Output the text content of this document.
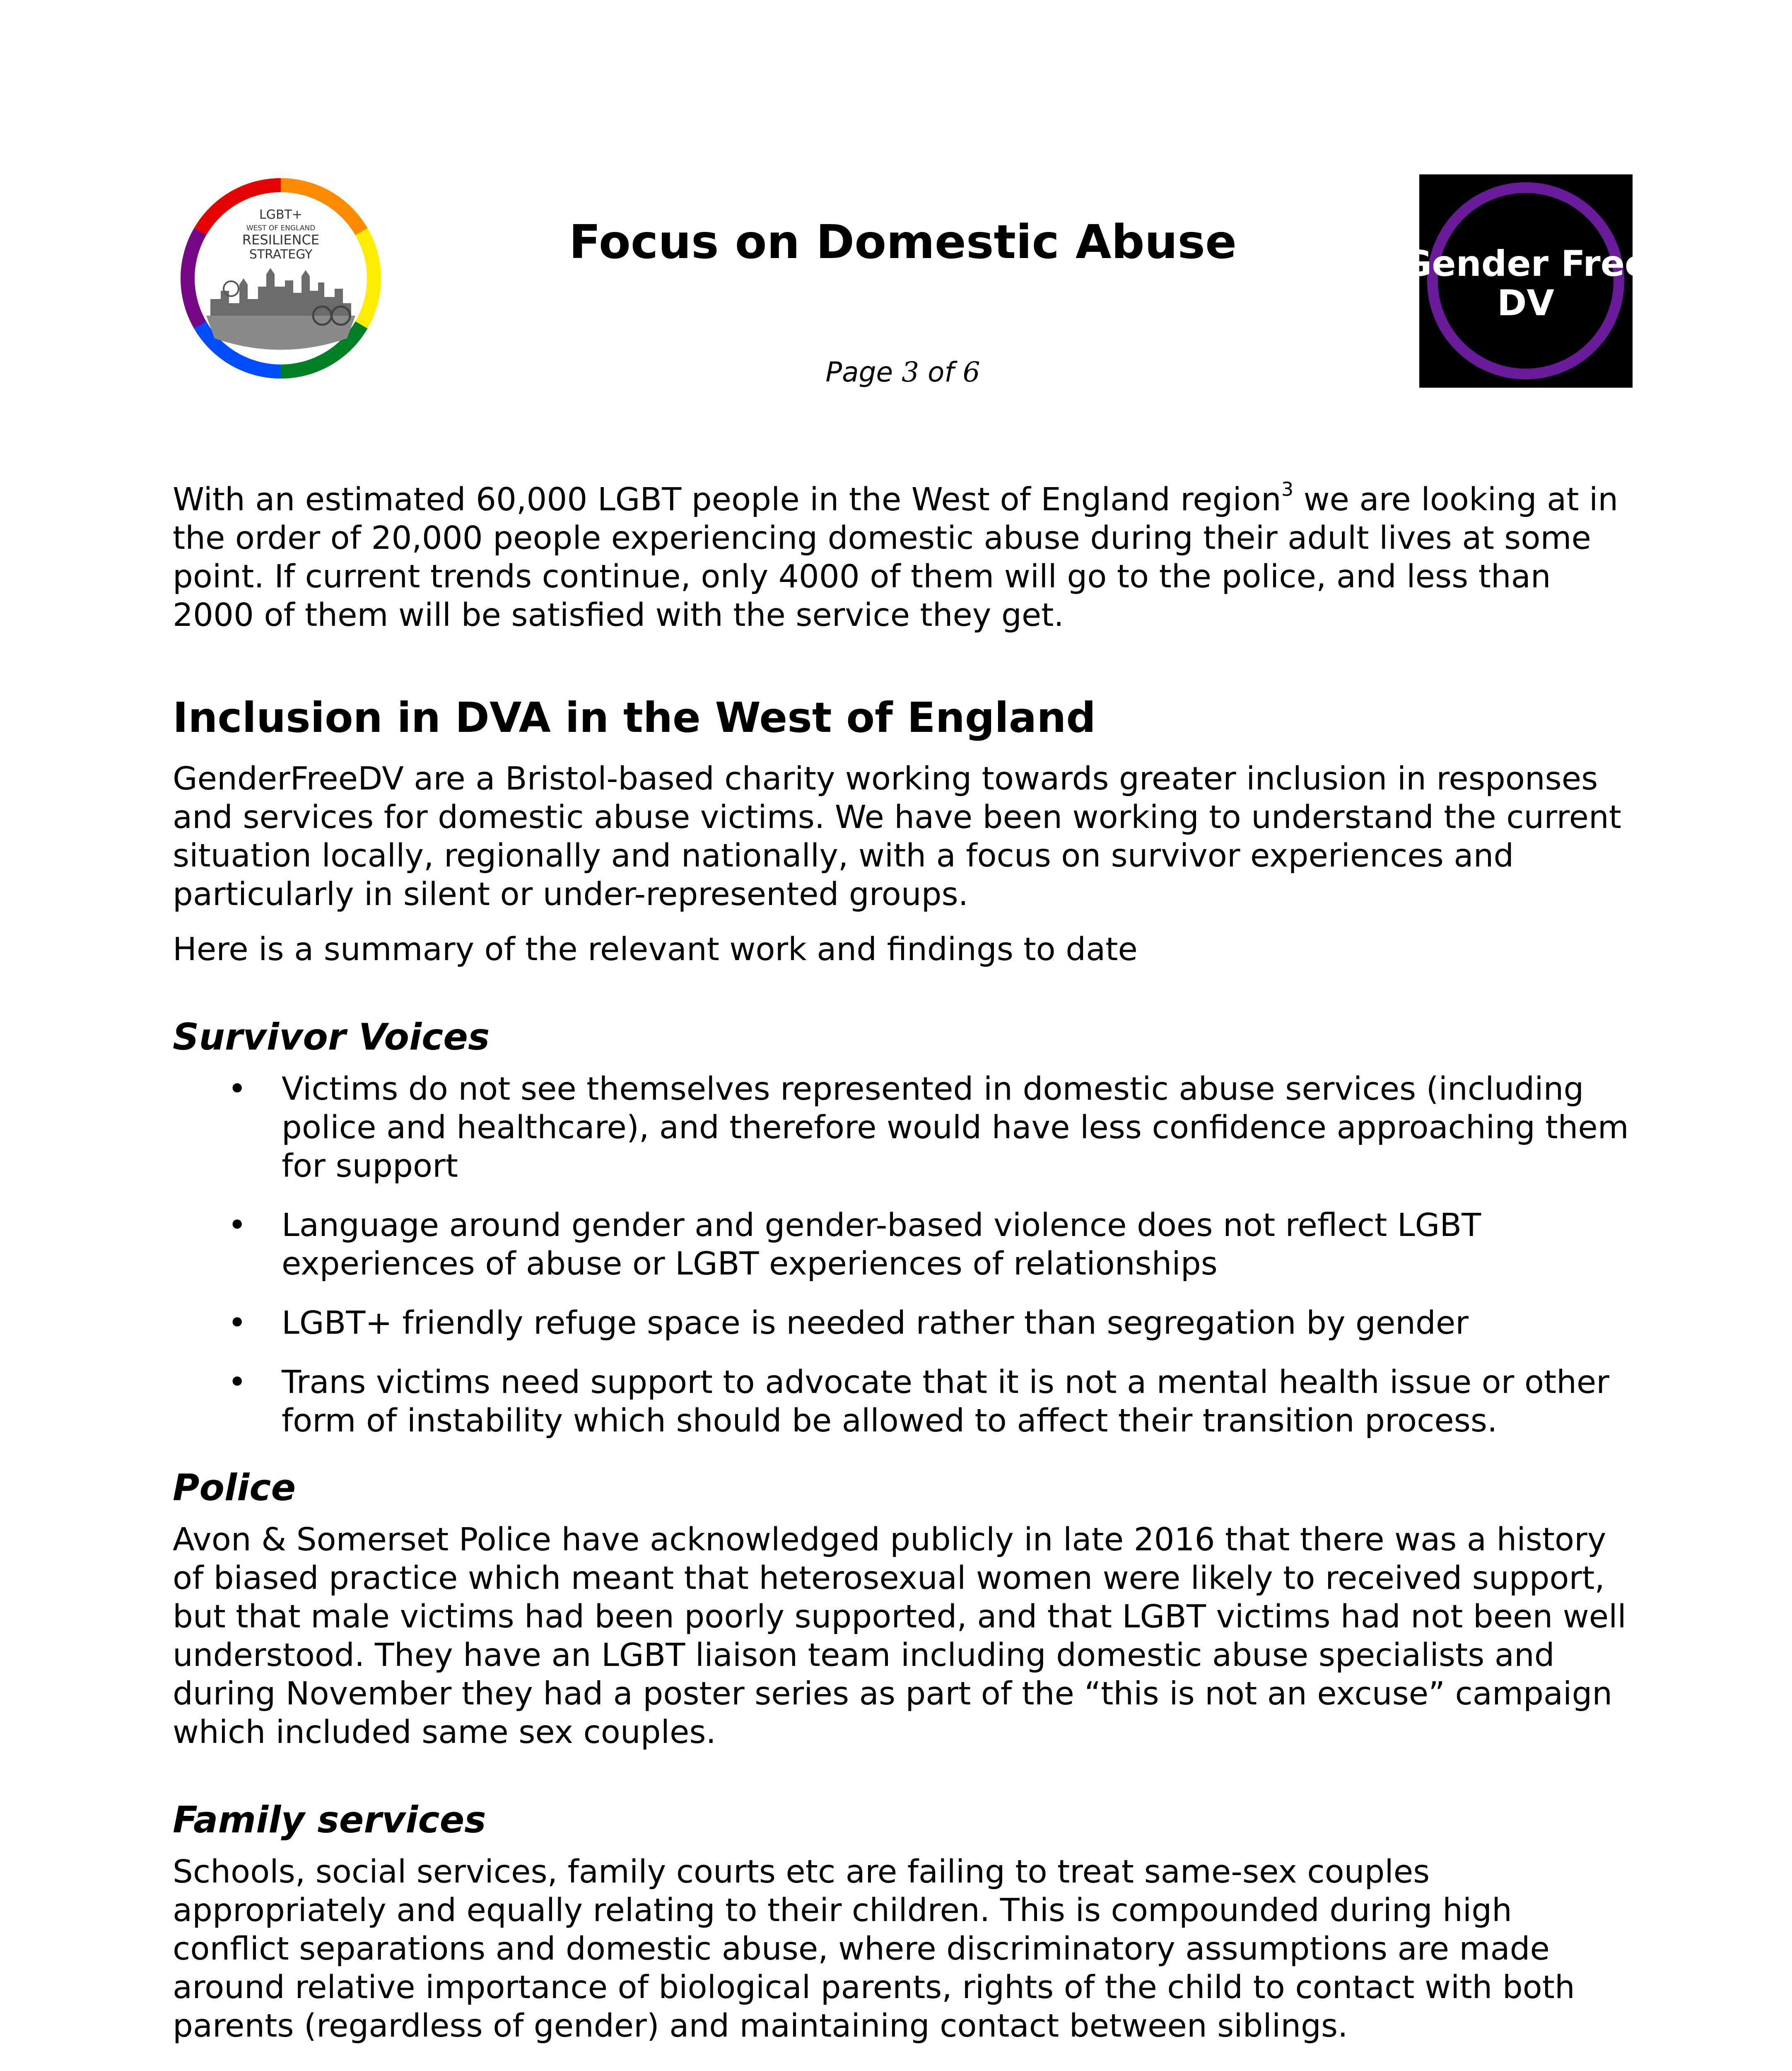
LGBT+
WEST OF ENGLAND
RESILIENCE
STRATEGY	Focus on Domestic Abuse
Page 3 of 6
Gender Free
DV

With an estimated 60,000 LGBT people in the West of England region$^3$ we are looking at in the order of 20,000 people experiencing domestic abuse during their adult lives at some point. If current trends continue, only 4000 of them will go to the police, and less than 2000 of them will be satisfied with the service they get.

Inclusion in DVA in the West of England

GenderFreeDV are a Bristol-based charity working towards greater inclusion in responses and services for domestic abuse victims. We have been working to understand the current situation locally, regionally and nationally, with a focus on survivor experiences and particularly in silent or under-represented groups.

Here is a summary of the relevant work and findings to date

Survivor Voices
• Victims do not see themselves represented in domestic abuse services (including police and healthcare), and therefore would have less confidence approaching them for support
• Language around gender and gender-based violence does not reflect LGBT experiences of abuse or LGBT experiences of relationships
• LGBT+ friendly refuge space is needed rather than segregation by gender
• Trans victims need support to advocate that it is not a mental health issue or other form of instability which should be allowed to affect their transition process.
Police

Avon & Somerset Police have acknowledged publicly in late 2016 that there was a history of biased practice which meant that heterosexual women were likely to received support, but that male victims had been poorly supported, and that LGBT victims had not been well understood. They have an LGBT liaison team including domestic abuse specialists and during November they had a poster series as part of the “this is not an excuse” campaign which included same sex couples.

Family services

Schools, social services, family courts etc are failing to treat same-sex couples appropriately and equally relating to their children. This is compounded during high conflict separations and domestic abuse, where discriminatory assumptions are made around relative importance of biological parents, rights of the child to contact with both parents (regardless of gender) and maintaining contact between siblings.
